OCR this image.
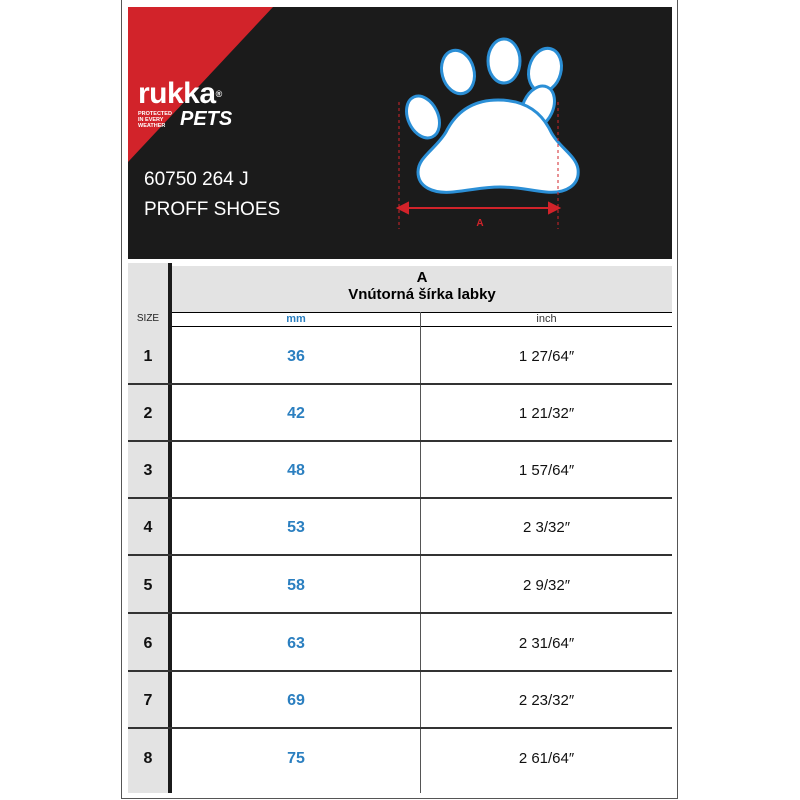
rukka®
PROTECTED
IN EVERY
WEATHER PETS
60750 264 J
PROFF SHOES
A
A
Vnútorná šírka labky
SIZE	mm	inch
1	36	1 27/64″
2	42	1 21/32″
3	48	1 57/64″
4	53	2 3/32″
5	58	2 9/32″
6	63	2 31/64″
7	69	2 23/32″
8	75	2 61/64″
